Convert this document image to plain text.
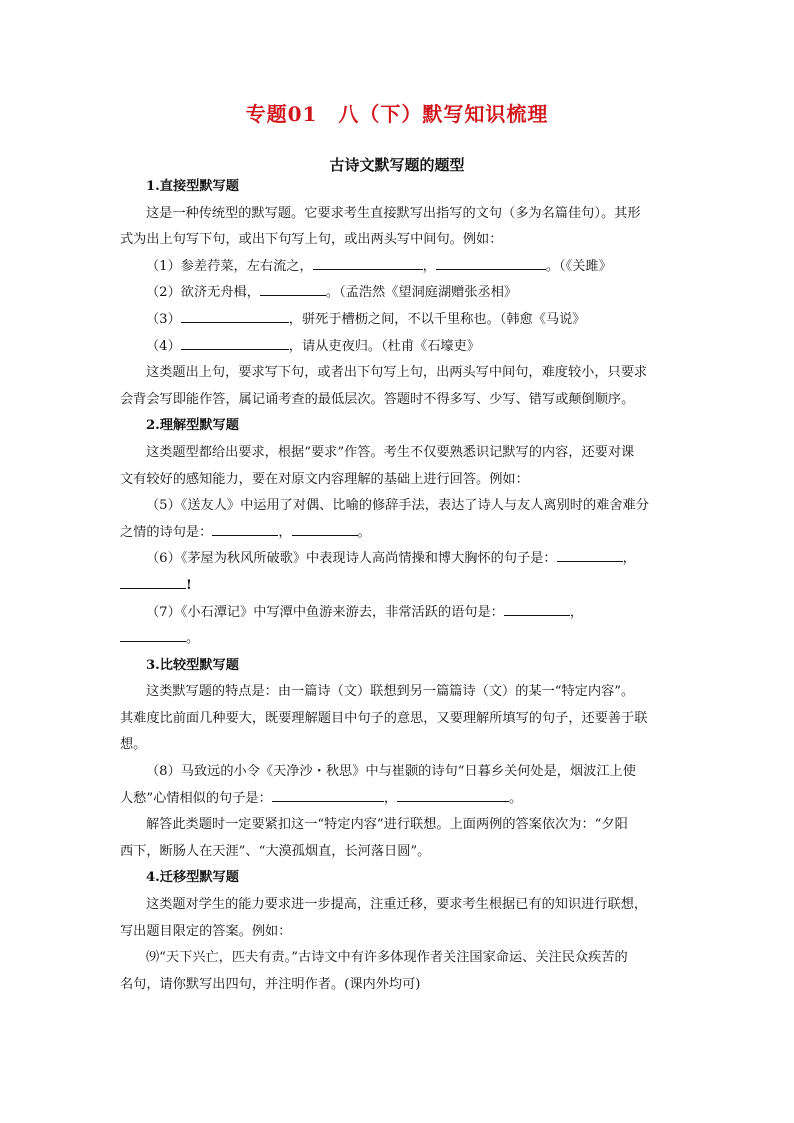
专题01　八（下）默写知识梳理
古诗文默写题的题型

1.直接型默写题

这是一种传统型的默写题。它要求考生直接默写出指写的文句（多为名篇佳句）。其形

式为出上句写下句，或出下句写上句，或出两头写中间句。例如：

（1）参差荇菜，左右流之，	，	。（《关雎》

（2）欲济无舟楫，	。（孟浩然《望洞庭湖赠张丞相》

（3）	，骈死于槽枥之间，不以千里称也。（韩愈《马说》

（4）	，请从吏夜归。（杜甫《石壕吏》

这类题出上句，要求写下句，或者出下句写上句，出两头写中间句，难度较小，只要求

会背会写即能作答，属记诵考查的最低层次。答题时不得多写、少写、错写或颠倒顺序。

2.理解型默写题

这类题型都给出要求，根据“要求”作答。考生不仅要熟悉识记默写的内容，还要对课

文有较好的感知能力，要在对原文内容理解的基础上进行回答。例如：

（5）《送友人》中运用了对偶、比喻的修辞手法，表达了诗人与友人离别时的难舍难分

之情的诗句是：	，	。

（6）《茅屋为秋风所破歌》中表现诗人高尚情操和博大胸怀的句子是：	，

!

（7）《小石潭记》中写潭中鱼游来游去，非常活跃的语句是：	，

。

3.比较型默写题

这类默写题的特点是：由一篇诗（文）联想到另一篇篇诗（文）的某一“特定内容”。

其难度比前面几种要大，既要理解题目中句子的意思，又要理解所填写的句子，还要善于联

想。

（8）马致远的小令《天净沙・秋思》中与崔颢的诗句“日暮乡关何处是，烟波江上使

人愁”心情相似的句子是：	，	。

解答此类题时一定要紧扣这一“特定内容”进行联想。上面两例的答案依次为：“夕阳

西下，断肠人在天涯”、“大漠孤烟直，长河落日圆”。

4.迁移型默写题

这类题对学生的能力要求进一步提高，注重迁移，要求考生根据已有的知识进行联想，

写出题目限定的答案。例如：

⑼“天下兴亡，匹夫有责。”古诗文中有许多体现作者关注国家命运、关注民众疾苦的

名句，请你默写出四句，并注明作者。(课内外均可)
